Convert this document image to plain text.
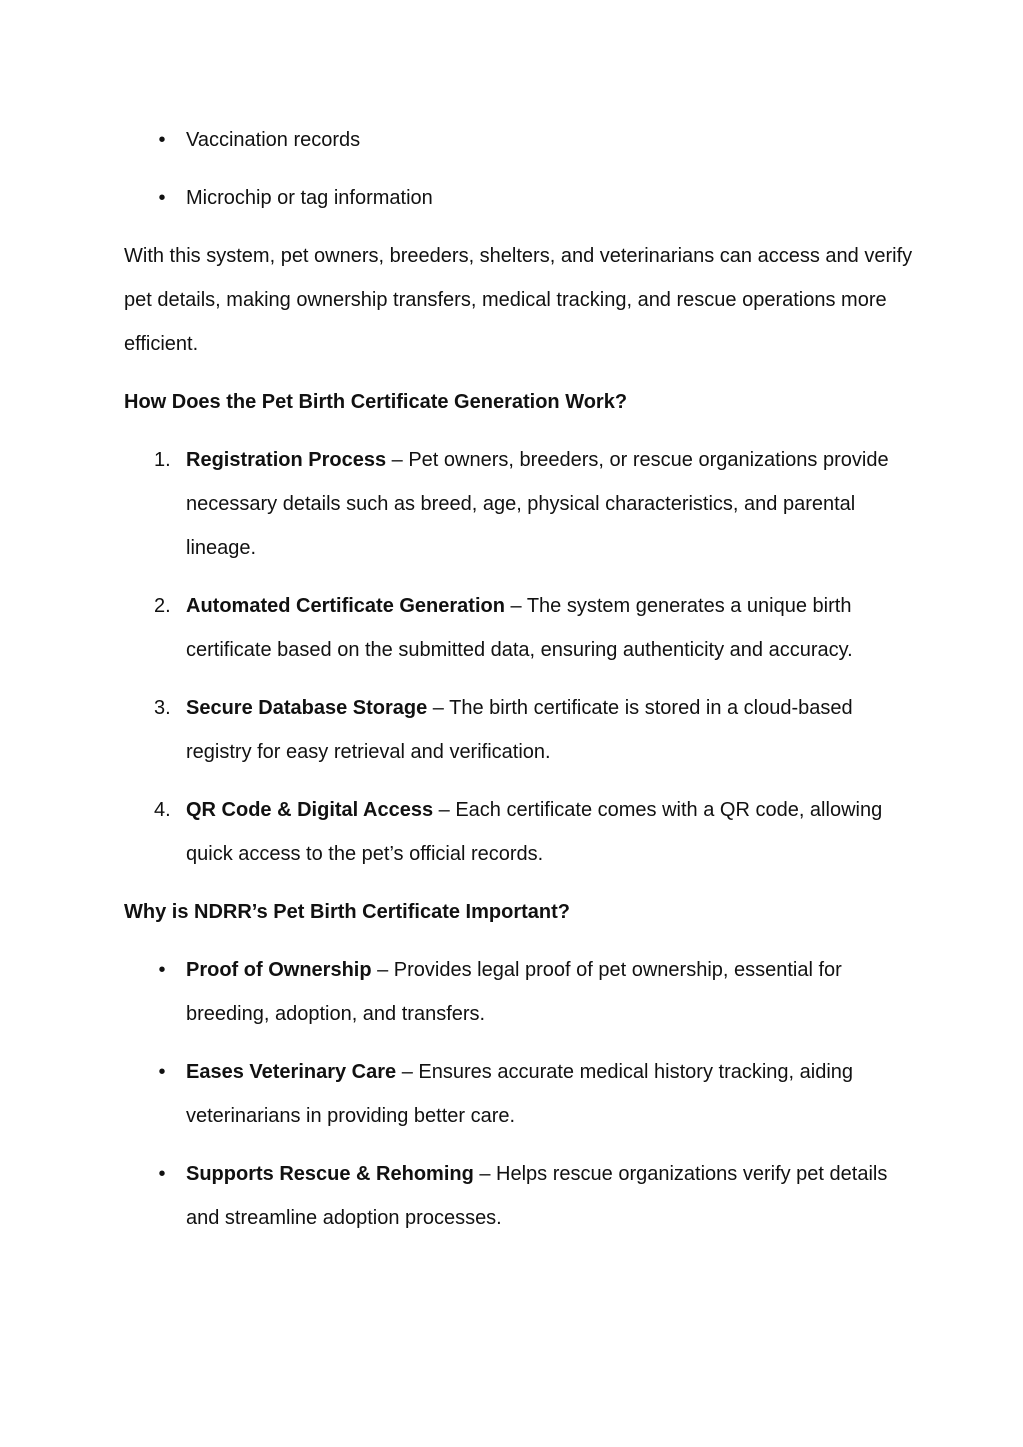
• Vaccination records
• Microchip or tag information

With this system, pet owners, breeders, shelters, and veterinarians can access and verify pet details, making ownership transfers, medical tracking, and rescue operations more efficient.

How Does the Pet Birth Certificate Generation Work?

1. Registration Process – Pet owners, breeders, or rescue organizations provide necessary details such as breed, age, physical characteristics, and parental lineage.
2. Automated Certificate Generation – The system generates a unique birth certificate based on the submitted data, ensuring authenticity and accuracy.
3. Secure Database Storage – The birth certificate is stored in a cloud-based registry for easy retrieval and verification.
4. QR Code & Digital Access – Each certificate comes with a QR code, allowing quick access to the pet’s official records.

Why is NDRR’s Pet Birth Certificate Important?

• Proof of Ownership – Provides legal proof of pet ownership, essential for breeding, adoption, and transfers.
• Eases Veterinary Care – Ensures accurate medical history tracking, aiding veterinarians in providing better care.
• Supports Rescue & Rehoming – Helps rescue organizations verify pet details and streamline adoption processes.
